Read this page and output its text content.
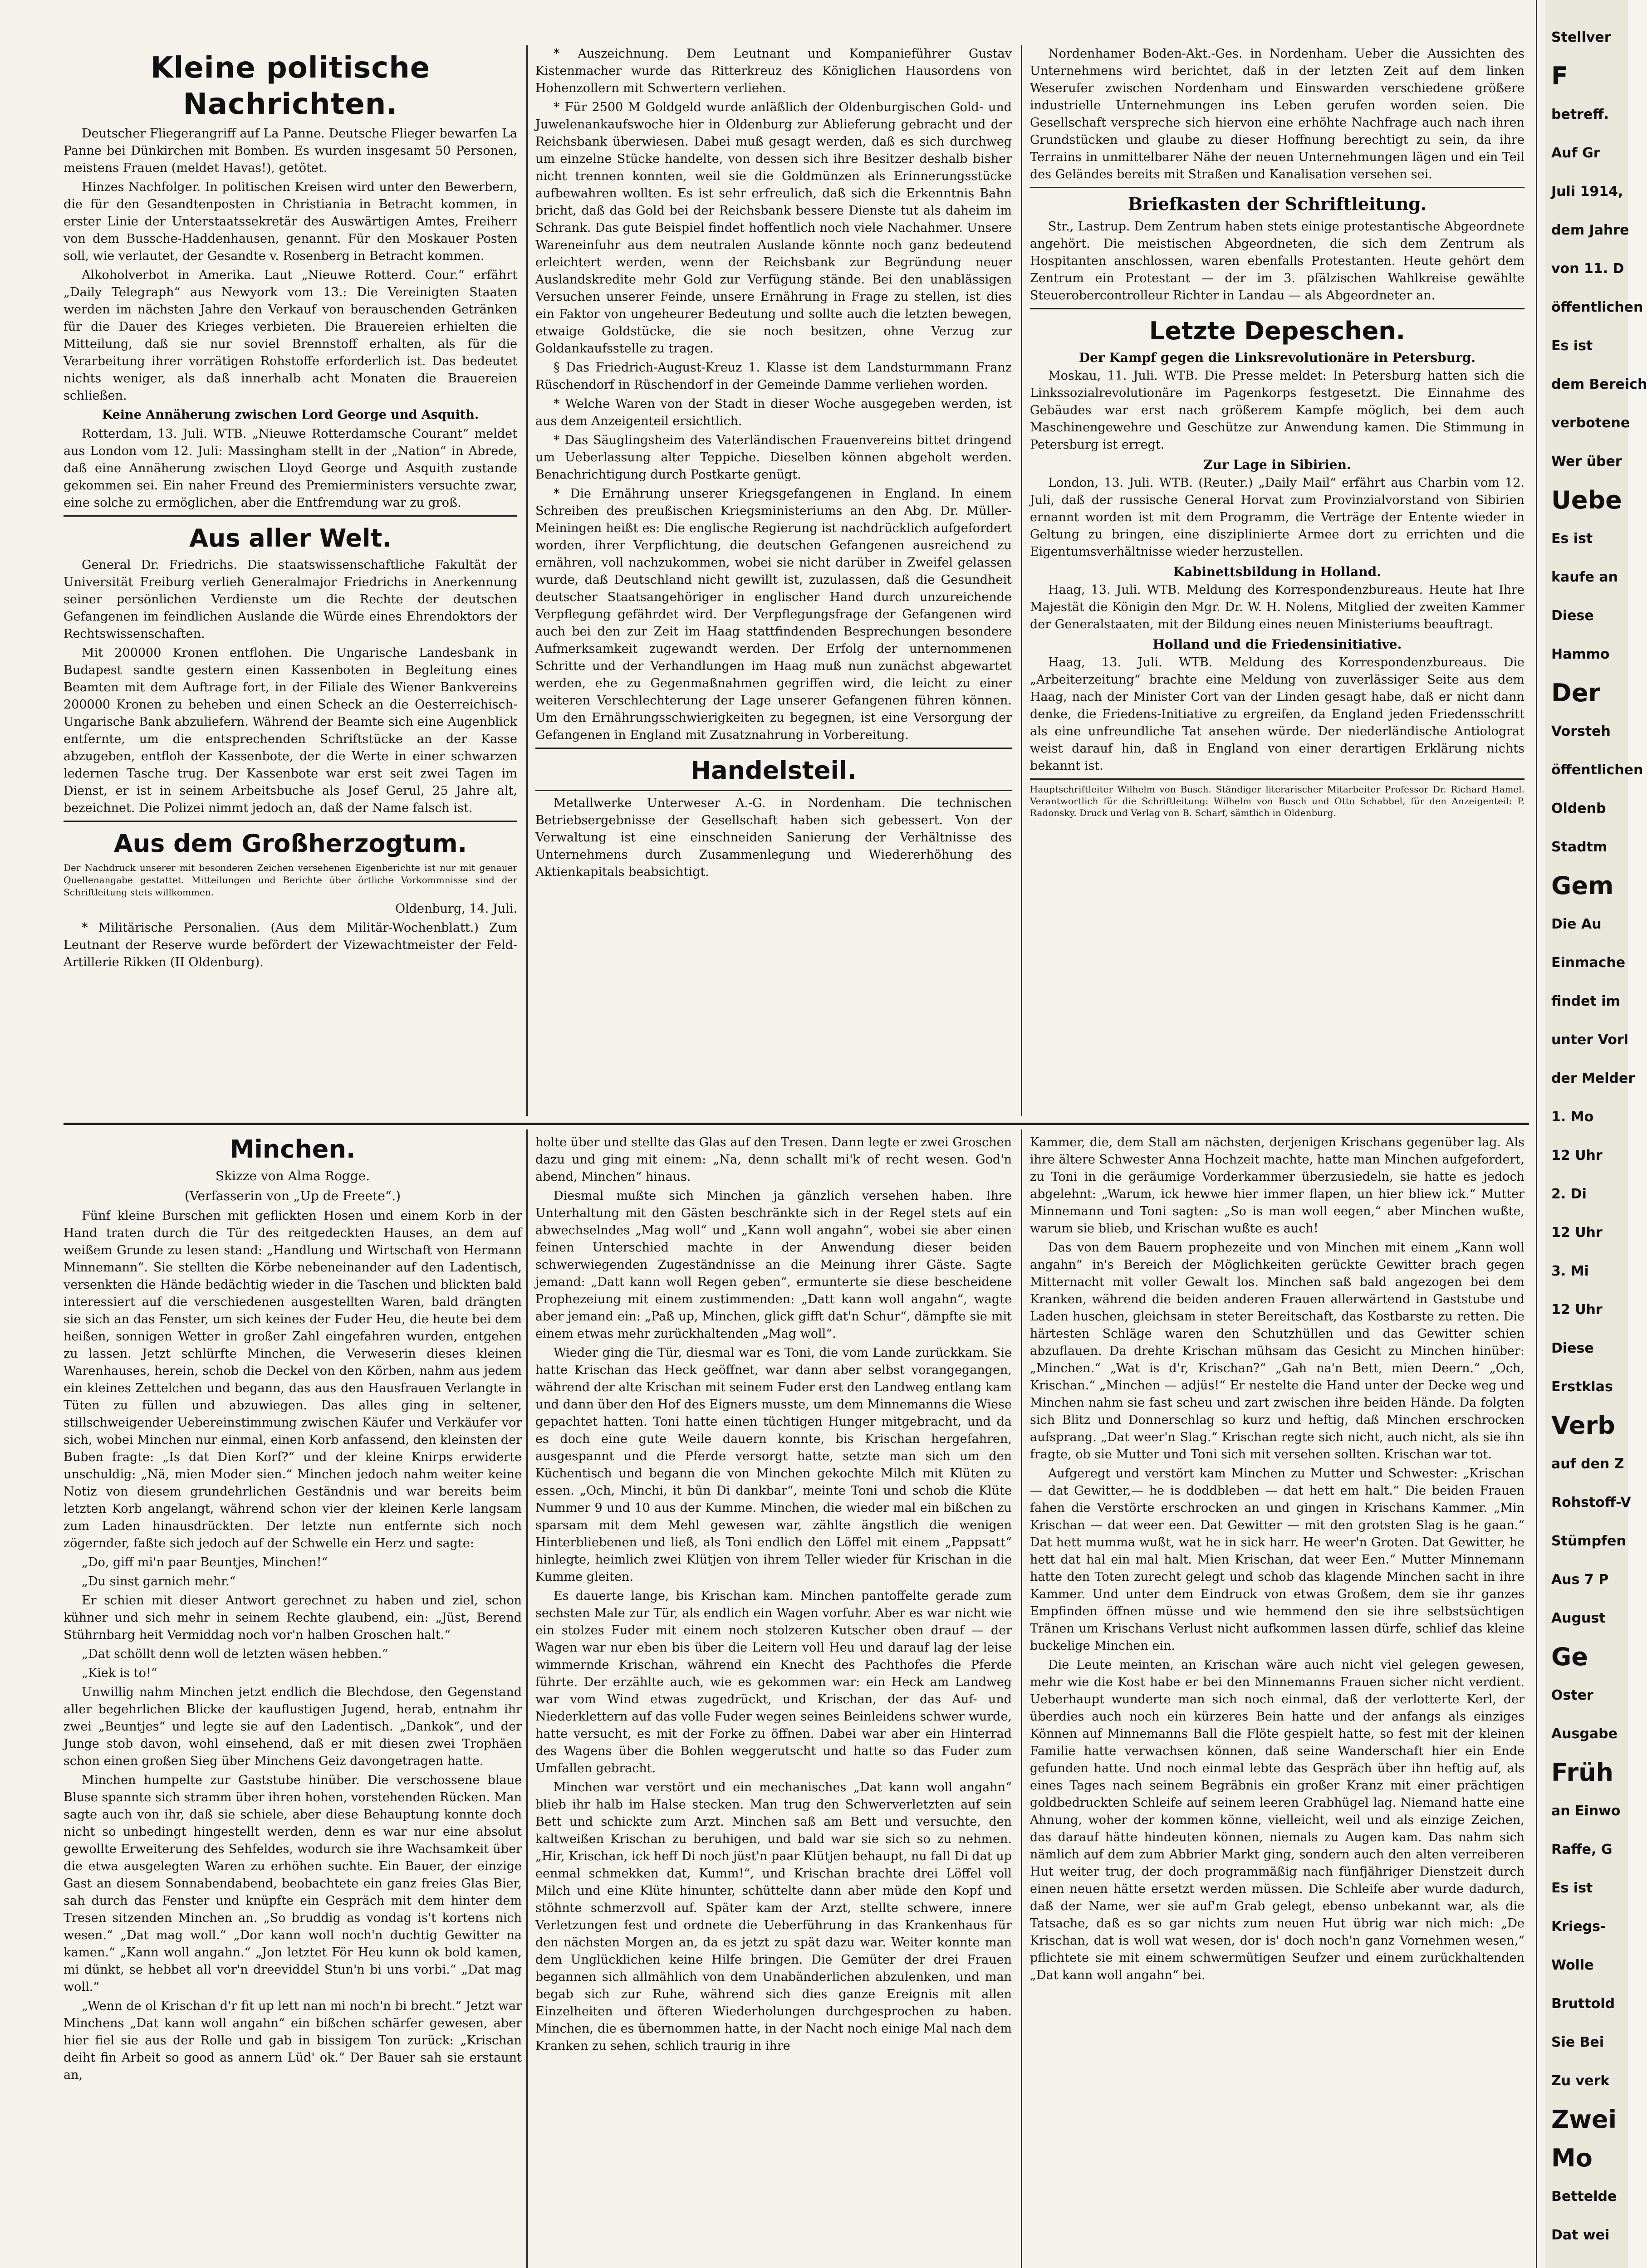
Kleine politische Nachrichten.

Deutscher Fliegerangriff auf La Panne. Deutsche Flieger bewarfen La Panne bei Dünkirchen mit Bomben. Es wurden insgesamt 50 Personen, meistens Frauen (meldet Havas!), getötet.

Hinzes Nachfolger. In politischen Kreisen wird unter den Bewerbern, die für den Gesandtenposten in Christiania in Betracht kommen, in erster Linie der Unterstaatssekretär des Auswärtigen Amtes, Freiherr von dem Bussche-Haddenhausen, genannt. Für den Moskauer Posten soll, wie verlautet, der Gesandte v. Rosenberg in Betracht kommen.

Alkoholverbot in Amerika. Laut „Nieuwe Rotterd. Cour.“ erfährt „Daily Telegraph“ aus Newyork vom 13.: Die Vereinigten Staaten werden im nächsten Jahre den Verkauf von berauschenden Getränken für die Dauer des Krieges verbieten. Die Brauereien erhielten die Mitteilung, daß sie nur soviel Brennstoff erhalten, als für die Verarbeitung ihrer vorrätigen Rohstoffe erforderlich ist. Das bedeutet nichts weniger, als daß innerhalb acht Monaten die Brauereien schließen.

Keine Annäherung zwischen Lord George und Asquith.

Rotterdam, 13. Juli. WTB. „Nieuwe Rotterdamsche Courant“ meldet aus London vom 12. Juli: Massingham stellt in der „Nation“ in Abrede, daß eine Annäherung zwischen Lloyd George und Asquith zustande gekommen sei. Ein naher Freund des Premierministers versuchte zwar, eine solche zu ermöglichen, aber die Entfremdung war zu groß.

Aus aller Welt.

General Dr. Friedrichs. Die staatswissenschaftliche Fakultät der Universität Freiburg verlieh Generalmajor Friedrichs in Anerkennung seiner persönlichen Verdienste um die Rechte der deutschen Gefangenen im feindlichen Auslande die Würde eines Ehrendoktors der Rechtswissenschaften.

Mit 200000 Kronen entflohen. Die Ungarische Landesbank in Budapest sandte gestern einen Kassenboten in Begleitung eines Beamten mit dem Auftrage fort, in der Filiale des Wiener Bankvereins 200000 Kronen zu beheben und einen Scheck an die Oesterreichisch-Ungarische Bank abzuliefern. Während der Beamte sich eine Augenblick entfernte, um die entsprechenden Schriftstücke an der Kasse abzugeben, entfloh der Kassenbote, der die Werte in einer schwarzen ledernen Tasche trug. Der Kassenbote war erst seit zwei Tagen im Dienst, er ist in seinem Arbeitsbuche als Josef Gerul, 25 Jahre alt, bezeichnet. Die Polizei nimmt jedoch an, daß der Name falsch ist.

Aus dem Großherzogtum.

Der Nachdruck unserer mit besonderen Zeichen versehenen Eigenberichte ist nur mit genauer Quellenangabe gestattet. Mitteilungen und Berichte über örtliche Vorkommnisse sind der Schriftleitung stets willkommen.

Oldenburg, 14. Juli.

* Militärische Personalien. (Aus dem Militär-Wochenblatt.) Zum Leutnant der Reserve wurde befördert der Vizewachtmeister der Feld-Artillerie Rikken (II Oldenburg).

* Auszeichnung. Dem Leutnant und Kompanieführer Gustav Kistenmacher wurde das Ritterkreuz des Königlichen Hausordens von Hohenzollern mit Schwertern verliehen.

* Für 2500 M Goldgeld wurde anläßlich der Oldenburgischen Gold- und Juwelenankaufswoche hier in Oldenburg zur Ablieferung gebracht und der Reichsbank überwiesen. Dabei muß gesagt werden, daß es sich durchweg um einzelne Stücke handelte, von dessen sich ihre Besitzer deshalb bisher nicht trennen konnten, weil sie die Goldmünzen als Erinnerungsstücke aufbewahren wollten. Es ist sehr erfreulich, daß sich die Erkenntnis Bahn bricht, daß das Gold bei der Reichsbank bessere Dienste tut als daheim im Schrank. Das gute Beispiel findet hoffentlich noch viele Nachahmer. Unsere Wareneinfuhr aus dem neutralen Auslande könnte noch ganz bedeutend erleichtert werden, wenn der Reichsbank zur Begründung neuer Auslandskredite mehr Gold zur Verfügung stände. Bei den unablässigen Versuchen unserer Feinde, unsere Ernährung in Frage zu stellen, ist dies ein Faktor von ungeheurer Bedeutung und sollte auch die letzten bewegen, etwaige Goldstücke, die sie noch besitzen, ohne Verzug zur Goldankaufsstelle zu tragen.

§ Das Friedrich-August-Kreuz 1. Klasse ist dem Landsturmmann Franz Rüschendorf in Rüschendorf in der Gemeinde Damme verliehen worden.

* Welche Waren von der Stadt in dieser Woche ausgegeben werden, ist aus dem Anzeigenteil ersichtlich.

* Das Säuglingsheim des Vaterländischen Frauenvereins bittet dringend um Ueberlassung alter Teppiche. Dieselben können abgeholt werden. Benachrichtigung durch Postkarte genügt.

* Die Ernährung unserer Kriegsgefangenen in England. In einem Schreiben des preußischen Kriegsministeriums an den Abg. Dr. Müller-Meiningen heißt es: Die englische Regierung ist nachdrücklich aufgefordert worden, ihrer Verpflichtung, die deutschen Gefangenen ausreichend zu ernähren, voll nachzukommen, wobei sie nicht darüber in Zweifel gelassen wurde, daß Deutschland nicht gewillt ist, zuzulassen, daß die Gesundheit deutscher Staatsangehöriger in englischer Hand durch unzureichende Verpflegung gefährdet wird. Der Verpflegungsfrage der Gefangenen wird auch bei den zur Zeit im Haag stattfindenden Besprechungen besondere Aufmerksamkeit zugewandt werden. Der Erfolg der unternommenen Schritte und der Verhandlungen im Haag muß nun zunächst abgewartet werden, ehe zu Gegenmaßnahmen gegriffen wird, die leicht zu einer weiteren Verschlechterung der Lage unserer Gefangenen führen können. Um den Ernährungsschwierigkeiten zu begegnen, ist eine Versorgung der Gefangenen in England mit Zusatznahrung in Vorbereitung.

Handelsteil.

Metallwerke Unterweser A.-G. in Nordenham. Die technischen Betriebsergebnisse der Gesellschaft haben sich gebessert. Von der Verwaltung ist eine einschneiden Sanierung der Verhältnisse des Unternehmens durch Zusammenlegung und Wiedererhöhung des Aktienkapitals beabsichtigt.

Nordenhamer Boden-Akt.-Ges. in Nordenham. Ueber die Aussichten des Unternehmens wird berichtet, daß in der letzten Zeit auf dem linken Weserufer zwischen Nordenham und Einswarden verschiedene größere industrielle Unternehmungen ins Leben gerufen worden seien. Die Gesellschaft verspreche sich hiervon eine erhöhte Nachfrage auch nach ihren Grundstücken und glaube zu dieser Hoffnung berechtigt zu sein, da ihre Terrains in unmittelbarer Nähe der neuen Unternehmungen lägen und ein Teil des Geländes bereits mit Straßen und Kanalisation versehen sei.

Briefkasten der Schriftleitung.

Str., Lastrup. Dem Zentrum haben stets einige protestantische Abgeordnete angehört. Die meistischen Abgeordneten, die sich dem Zentrum als Hospitanten anschlossen, waren ebenfalls Protestanten. Heute gehört dem Zentrum ein Protestant — der im 3. pfälzischen Wahlkreise gewählte Steuerobercontrolleur Richter in Landau — als Abgeordneter an.

Letzte Depeschen.
Der Kampf gegen die Linksrevolutionäre in Petersburg.

Moskau, 11. Juli. WTB. Die Presse meldet: In Petersburg hatten sich die Linkssozialrevolutionäre im Pagenkorps festgesetzt. Die Einnahme des Gebäudes war erst nach größerem Kampfe möglich, bei dem auch Maschinengewehre und Geschütze zur Anwendung kamen. Die Stimmung in Petersburg ist erregt.

Zur Lage in Sibirien.

London, 13. Juli. WTB. (Reuter.) „Daily Mail“ erfährt aus Charbin vom 12. Juli, daß der russische General Horvat zum Provinzialvorstand von Sibirien ernannt worden ist mit dem Programm, die Verträge der Entente wieder in Geltung zu bringen, eine disziplinierte Armee dort zu errichten und die Eigentumsverhältnisse wieder herzustellen.

Kabinettsbildung in Holland.

Haag, 13. Juli. WTB. Meldung des Korrespondenzbureaus. Heute hat Ihre Majestät die Königin den Mgr. Dr. W. H. Nolens, Mitglied der zweiten Kammer der Generalstaaten, mit der Bildung eines neuen Ministeriums beauftragt.

Holland und die Friedensinitiative.

Haag, 13. Juli. WTB. Meldung des Korrespondenzbureaus. Die „Arbeiterzeitung“ brachte eine Meldung von zuverlässiger Seite aus dem Haag, nach der Minister Cort van der Linden gesagt habe, daß er nicht dann denke, die Friedens-Initiative zu ergreifen, da England jeden Friedensschritt als eine unfreundliche Tat ansehen würde. Der niederländische Antiolograt weist darauf hin, daß in England von einer derartigen Erklärung nichts bekannt ist.

Hauptschriftleiter Wilhelm von Busch. Ständiger literarischer Mitarbeiter Professor Dr. Richard Hamel. Verantwortlich für die Schriftleitung: Wilhelm von Busch und Otto Schabbel, für den Anzeigenteil: P. Radonsky. Druck und Verlag von B. Scharf, sämtlich in Oldenburg.

Minchen.
Skizze von Alma Rogge.
(Verfasserin von „Up de Freete“.)

Fünf kleine Burschen mit geflickten Hosen und einem Korb in der Hand traten durch die Tür des reitgedeckten Hauses, an dem auf weißem Grunde zu lesen stand: „Handlung und Wirtschaft von Hermann Minnemann“. Sie stellten die Körbe nebeneinander auf den Ladentisch, versenkten die Hände bedächtig wieder in die Taschen und blickten bald interessiert auf die verschiedenen ausgestellten Waren, bald drängten sie sich an das Fenster, um sich keines der Fuder Heu, die heute bei dem heißen, sonnigen Wetter in großer Zahl eingefahren wurden, entgehen zu lassen. Jetzt schlürfte Minchen, die Verweserin dieses kleinen Warenhauses, herein, schob die Deckel von den Körben, nahm aus jedem ein kleines Zettelchen und begann, das aus den Hausfrauen Verlangte in Tüten zu füllen und abzuwiegen. Das alles ging in seltener, stillschweigender Uebereinstimmung zwischen Käufer und Verkäufer vor sich, wobei Minchen nur einmal, einen Korb anfassend, den kleinsten der Buben fragte: „Is dat Dien Korf?“ und der kleine Knirps erwiderte unschuldig: „Nä, mien Moder sien.“ Minchen jedoch nahm weiter keine Notiz von diesem grundehrlichen Geständnis und war bereits beim letzten Korb angelangt, während schon vier der kleinen Kerle langsam zum Laden hinausdrückten. Der letzte nun entfernte sich noch zögernder, faßte sich jedoch auf der Schwelle ein Herz und sagte:

„Do, giff mi'n paar Beuntjes, Minchen!“

„Du sinst garnich mehr.“

Er schien mit dieser Antwort gerechnet zu haben und ziel, schon kühner und sich mehr in seinem Rechte glaubend, ein: „Jüst, Berend Stührnbarg heit Vermiddag noch vor'n halben Groschen halt.“

„Dat schöllt denn woll de letzten wäsen hebben.“

„Kiek is to!“

Unwillig nahm Minchen jetzt endlich die Blechdose, den Gegenstand aller begehrlichen Blicke der kauflustigen Jugend, herab, entnahm ihr zwei „Beuntjes“ und legte sie auf den Ladentisch. „Dankok“, und der Junge stob davon, wohl einsehend, daß er mit diesen zwei Trophäen schon einen großen Sieg über Minchens Geiz davongetragen hatte.

Minchen humpelte zur Gaststube hinüber. Die verschossene blaue Bluse spannte sich stramm über ihren hohen, vorstehenden Rücken. Man sagte auch von ihr, daß sie schiele, aber diese Behauptung konnte doch nicht so unbedingt hingestellt werden, denn es war nur eine absolut gewollte Erweiterung des Sehfeldes, wodurch sie ihre Wachsamkeit über die etwa ausgelegten Waren zu erhöhen suchte. Ein Bauer, der einzige Gast an diesem Sonnabendabend, beobachtete ein ganz freies Glas Bier, sah durch das Fenster und knüpfte ein Gespräch mit dem hinter dem Tresen sitzenden Minchen an. „So bruddig as vondag is't kortens nich wesen.“ „Dat mag woll.“ „Dor kann woll noch'n duchtig Gewitter na kamen.“ „Kann woll angahn.“ „Jon letztet För Heu kunn ok bold kamen, mi dünkt, se hebbet all vor'n dreeviddel Stun'n bi uns vorbi.“ „Dat mag woll.“

„Wenn de ol Krischan d'r fit up lett nan mi noch'n bi brecht.“ Jetzt war Minchens „Dat kann woll angahn“ ein bißchen schärfer gewesen, aber hier fiel sie aus der Rolle und gab in bissigem Ton zurück: „Krischan deiht fin Arbeit so good as annern Lüd' ok.“ Der Bauer sah sie erstaunt an,

holte über und stellte das Glas auf den Tresen. Dann legte er zwei Groschen dazu und ging mit einem: „Na, denn schallt mi'k of recht wesen. God'n abend, Minchen“ hinaus.

Diesmal mußte sich Minchen ja gänzlich versehen haben. Ihre Unterhaltung mit den Gästen beschränkte sich in der Regel stets auf ein abwechselndes „Mag woll“ und „Kann woll angahn“, wobei sie aber einen feinen Unterschied machte in der Anwendung dieser beiden schwerwiegenden Zugeständnisse an die Meinung ihrer Gäste. Sagte jemand: „Datt kann woll Regen geben“, ermunterte sie diese bescheidene Prophezeiung mit einem zustimmenden: „Datt kann woll angahn“, wagte aber jemand ein: „Paß up, Minchen, glick gifft dat'n Schur“, dämpfte sie mit einem etwas mehr zurückhaltenden „Mag woll“.

Wieder ging die Tür, diesmal war es Toni, die vom Lande zurückkam. Sie hatte Krischan das Heck geöffnet, war dann aber selbst vorangegangen, während der alte Krischan mit seinem Fuder erst den Landweg entlang kam und dann über den Hof des Eigners musste, um dem Minnemanns die Wiese gepachtet hatten. Toni hatte einen tüchtigen Hunger mitgebracht, und da es doch eine gute Weile dauern konnte, bis Krischan hergefahren, ausgespannt und die Pferde versorgt hatte, setzte man sich um den Küchentisch und begann die von Minchen gekochte Milch mit Klüten zu essen. „Och, Minchi, it bün Di dankbar“, meinte Toni und schob die Klüte Nummer 9 und 10 aus der Kumme. Minchen, die wieder mal ein bißchen zu sparsam mit dem Mehl gewesen war, zählte ängstlich die wenigen Hinterbliebenen und ließ, als Toni endlich den Löffel mit einem „Pappsatt“ hinlegte, heimlich zwei Klütjen von ihrem Teller wieder für Krischan in die Kumme gleiten.

Es dauerte lange, bis Krischan kam. Minchen pantoffelte gerade zum sechsten Male zur Tür, als endlich ein Wagen vorfuhr. Aber es war nicht wie ein stolzes Fuder mit einem noch stolzeren Kutscher oben drauf — der Wagen war nur eben bis über die Leitern voll Heu und darauf lag der leise wimmernde Krischan, während ein Knecht des Pachthofes die Pferde führte. Der erzählte auch, wie es gekommen war: ein Heck am Landweg war vom Wind etwas zugedrückt, und Krischan, der das Auf- und Niederklettern auf das volle Fuder wegen seines Beinleidens schwer wurde, hatte versucht, es mit der Forke zu öffnen. Dabei war aber ein Hinterrad des Wagens über die Bohlen weggerutscht und hatte so das Fuder zum Umfallen gebracht.

Minchen war verstört und ein mechanisches „Dat kann woll angahn“ blieb ihr halb im Halse stecken. Man trug den Schwerverletzten auf sein Bett und schickte zum Arzt. Minchen saß am Bett und versuchte, den kaltweißen Krischan zu beruhigen, und bald war sie sich so zu nehmen. „Hir, Krischan, ick heff Di noch jüst'n paar Klütjen behaupt, nu fall Di dat up eenmal schmekken dat, Kumm!“, und Krischan brachte drei Löffel voll Milch und eine Klüte hinunter, schüttelte dann aber müde den Kopf und stöhnte schmerzvoll auf. Später kam der Arzt, stellte schwere, innere Verletzungen fest und ordnete die Ueberführung in das Krankenhaus für den nächsten Morgen an, da es jetzt zu spät dazu war. Weiter konnte man dem Unglücklichen keine Hilfe bringen. Die Gemüter der drei Frauen begannen sich allmählich von dem Unabänderlichen abzulenken, und man begab sich zur Ruhe, während sich dies ganze Ereignis mit allen Einzelheiten und öfteren Wiederholungen durchgesprochen zu haben. Minchen, die es übernommen hatte, in der Nacht noch einige Mal nach dem Kranken zu sehen, schlich traurig in ihre

Kammer, die, dem Stall am nächsten, derjenigen Krischans gegenüber lag. Als ihre ältere Schwester Anna Hochzeit machte, hatte man Minchen aufgefordert, zu Toni in die geräumige Vorderkammer überzusiedeln, sie hatte es jedoch abgelehnt: „Warum, ick hewwe hier immer flapen, un hier bliew ick.“ Mutter Minnemann und Toni sagten: „So is man woll eegen,“ aber Minchen wußte, warum sie blieb, und Krischan wußte es auch!

Das von dem Bauern prophezeite und von Minchen mit einem „Kann woll angahn“ in's Bereich der Möglichkeiten gerückte Gewitter brach gegen Mitternacht mit voller Gewalt los. Minchen saß bald angezogen bei dem Kranken, während die beiden anderen Frauen allerwärtend in Gaststube und Laden huschen, gleichsam in steter Bereitschaft, das Kostbarste zu retten. Die härtesten Schläge waren den Schutzhüllen und das Gewitter schien abzuflauen. Da drehte Krischan mühsam das Gesicht zu Minchen hinüber: „Minchen.“ „Wat is d'r, Krischan?“ „Gah na'n Bett, mien Deern.“ „Och, Krischan.“ „Minchen — adjüs!“ Er nestelte die Hand unter der Decke weg und Minchen nahm sie fast scheu und zart zwischen ihre beiden Hände. Da folgten sich Blitz und Donnerschlag so kurz und heftig, daß Minchen erschrocken aufsprang. „Dat weer'n Slag.“ Krischan regte sich nicht, auch nicht, als sie ihn fragte, ob sie Mutter und Toni sich mit versehen sollten. Krischan war tot.

Aufgeregt und verstört kam Minchen zu Mutter und Schwester: „Krischan — dat Gewitter,— he is doddbleben — dat hett em halt.“ Die beiden Frauen fahen die Verstörte erschrocken an und gingen in Krischans Kammer. „Min Krischan — dat weer een. Dat Gewitter — mit den grotsten Slag is he gaan.“ Dat hett mumma wußt, wat he in sick harr. He weer'n Groten. Dat Gewitter, he hett dat hal ein mal halt. Mien Krischan, dat weer Een.“ Mutter Minnemann hatte den Toten zurecht gelegt und schob das klagende Minchen sacht in ihre Kammer. Und unter dem Eindruck von etwas Großem, dem sie ihr ganzes Empfinden öffnen müsse und wie hemmend den sie ihre selbstsüchtigen Tränen um Krischans Verlust nicht aufkommen lassen dürfe, schlief das kleine buckelige Minchen ein.

Die Leute meinten, an Krischan wäre auch nicht viel gelegen gewesen, mehr wie die Kost habe er bei den Minnemanns Frauen sicher nicht verdient. Ueberhaupt wunderte man sich noch einmal, daß der verlotterte Kerl, der überdies auch noch ein kürzeres Bein hatte und der anfangs als einziges Können auf Minnemanns Ball die Flöte gespielt hatte, so fest mit der kleinen Familie hatte verwachsen können, daß seine Wanderschaft hier ein Ende gefunden hatte. Und noch einmal lebte das Gespräch über ihn heftig auf, als eines Tages nach seinem Begräbnis ein großer Kranz mit einer prächtigen goldbedruckten Schleife auf seinem leeren Grabhügel lag. Niemand hatte eine Ahnung, woher der kommen könne, vielleicht, weil und als einzige Zeichen, das darauf hätte hindeuten können, niemals zu Augen kam. Das nahm sich nämlich auf dem zum Abbrier Markt ging, sondern auch den alten verreiberen Hut weiter trug, der doch programmäßig nach fünfjähriger Dienstzeit durch einen neuen hätte ersetzt werden müssen. Die Schleife aber wurde dadurch, daß der Name, wer sie auf'm Grab gelegt, ebenso unbekannt war, als die Tatsache, daß es so gar nichts zum neuen Hut übrig war nich mich: „De Krischan, dat is woll wat wesen, dor is' doch noch'n ganz Vornehmen wesen,“ pflichtete sie mit einem schwermütigen Seufzer und einem zurückhaltenden „Dat kann woll angahn“ bei.

Stellver
F
betreff.
Auf Gr
Juli 1914,
dem Jahre
von 11. D
öffentlichen
Es ist
dem Bereich
verbotene
Wer über
Uebe
Es ist
kaufe an
Diese
Hammo
Der
Vorsteh
öffentlichen
Oldenb
Stadtm
Gem
Die Au
Einmache
findet im
unter Vorl
der Melder
1. Mo
12 Uhr
2. Di
12 Uhr
3. Mi
12 Uhr
Diese
Erstklas
Verb
auf den Z
Rohstoff-V
Stümpfen
Aus 7 P
August
Ge
Oster
Ausgabe
Früh
an Einwo
Raffe, G
Es ist
Kriegs-
Wolle
Bruttold
Sie Bei
Zu verk
Zwei
Mo
Bettelde
Dat wei
